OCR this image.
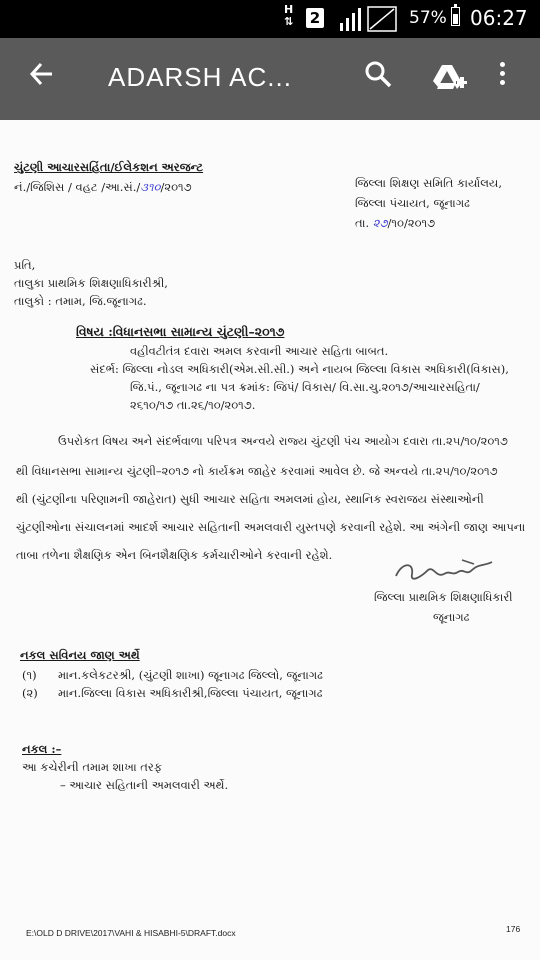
H
⇅ 2	57% 06:27
ADARSH AC...
ચુંટણી આચારસહિંતા/ઈલેકશન અરજન્ટ
નં./જિશિસ / વહટ /આ.સં./૩૧૦/૨૦૧૭	જિલ્લા શિક્ષણ સમિતિ કાર્યાલય,
જિલ્લા પંચાયત, જૂનાગઢ
તા. ૨૭/૧૦/૨૦૧૭
પ્રતિ,
તાલુકા પ્રાથમિક શિક્ષણાધિકારીશ્રી,
તાલુકો : તમામ, જિ.જૂનાગઢ.
વિષય :વિધાનસભા સામાન્ય ચુંટણી–૨૦૧૭
વહીવટીતંત્ર દવારા અમલ કરવાની આચાર સહિતા બાબત.
સંદર્ભ: જિલ્લા નોડલ અધિકારી(એમ.સી.સી.) અને નાયબ જિલ્લા વિકાસ અધિકારી(વિકાસ),
જિ.પં., જૂનાગઢ ના પત્ર ક્રમાંક: જિપં/ વિકાસ/ વિ.સા.ચુ.૨૦૧૭/આચારસહિતા/
૨૬૧૦/૧૭ તા.૨૬/૧૦/૨૦૧૭.
ઉપરોકત વિષય અને સંદર્ભવાળા પરિપત્ર અન્વયે રાજ્ય ચુંટણી પંચ આયોગ દવારા તા.૨૫/૧૦/૨૦૧૭
થી વિધાનસભા સામાન્ય ચુંટણી–૨૦૧૭ નો કાર્યક્રમ જાહેર કરવામાં આવેલ છે. જે અન્વયે તા.૨૫/૧૦/૨૦૧૭
થી (ચુંટણીના પરિણામની જાહેરાત) સુધી આચાર સહિતા અમલમાં હોય, સ્થાનિક સ્વરાજય સંસ્થાઓની
ચુંટણીઓના સંચાલનમાં આદર્શ આચાર સહિતાની અમલવારી યુસ્તપણે કરવાની રહેશે. આ અંગેની જાણ આપના
તાબા તળેના શૈક્ષણિક એન બિનશૈક્ષણિક કર્મચારીઓને કરવાની રહેશે.
જિલ્લા પ્રાથમિક શિક્ષણાધિકારી
જૂનાગઢ
નકલ સવિનય જાણ અર્થે
(૧) માન.કલેકટરશ્રી, (ચુંટણી શાખા) જૂનાગઢ જિલ્લો, જૂનાગઢ
(૨) માન.જિલ્લા વિકાસ અધિકારીશ્રી,જિલ્લા પંચાયત, જૂનાગઢ
નકલ :–
આ કચેરીની તમામ શાખા તરફ
– આચાર સહિતાની અમલવારી અર્થે.
E:\OLD D DRIVE\2017\VAHI & HISABHI-5\DRAFT.docx	176
